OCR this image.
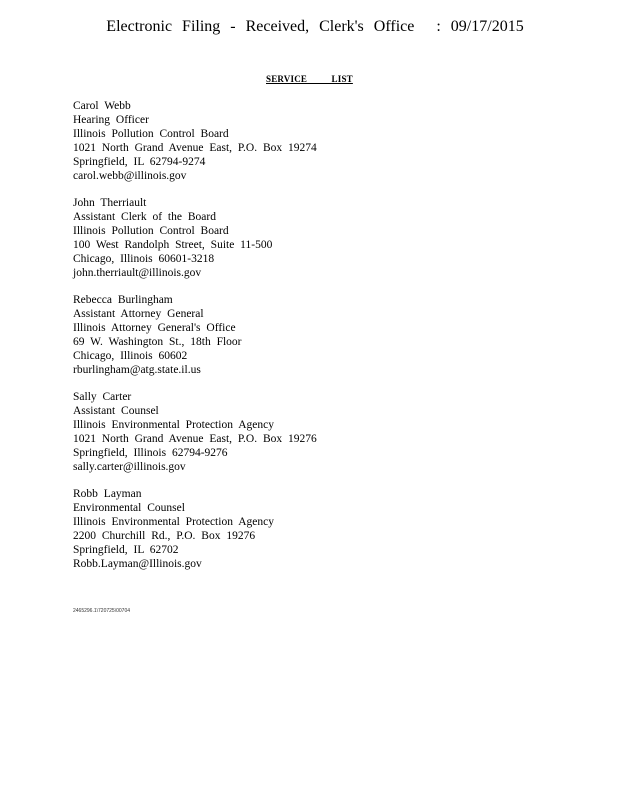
Electronic Filing - Received, Clerk's Office : 09/17/2015
SERVICE LIST
Carol Webb
Hearing Officer
Illinois Pollution Control Board
1021 North Grand Avenue East, P.O. Box 19274
Springfield, IL 62794-9274
carol.webb@illinois.gov
John Therriault
Assistant Clerk of the Board
Illinois Pollution Control Board
100 West Randolph Street, Suite 11-500
Chicago, Illinois 60601-3218
john.therriault@illinois.gov
Rebecca Burlingham
Assistant Attorney General
Illinois Attorney General's Office
69 W. Washington St., 18th Floor
Chicago, Illinois 60602
rburlingham@atg.state.il.us
Sally Carter
Assistant Counsel
Illinois Environmental Protection Agency
1021 North Grand Avenue East, P.O. Box 19276
Springfield, Illinois 62794-9276
sally.carter@illinois.gov
Robb Layman
Environmental Counsel
Illinois Environmental Protection Agency
2200 Churchill Rd., P.O. Box 19276
Springfield, IL 62702
Robb.Layman@Illinois.gov
2465296.1\720725\00704
